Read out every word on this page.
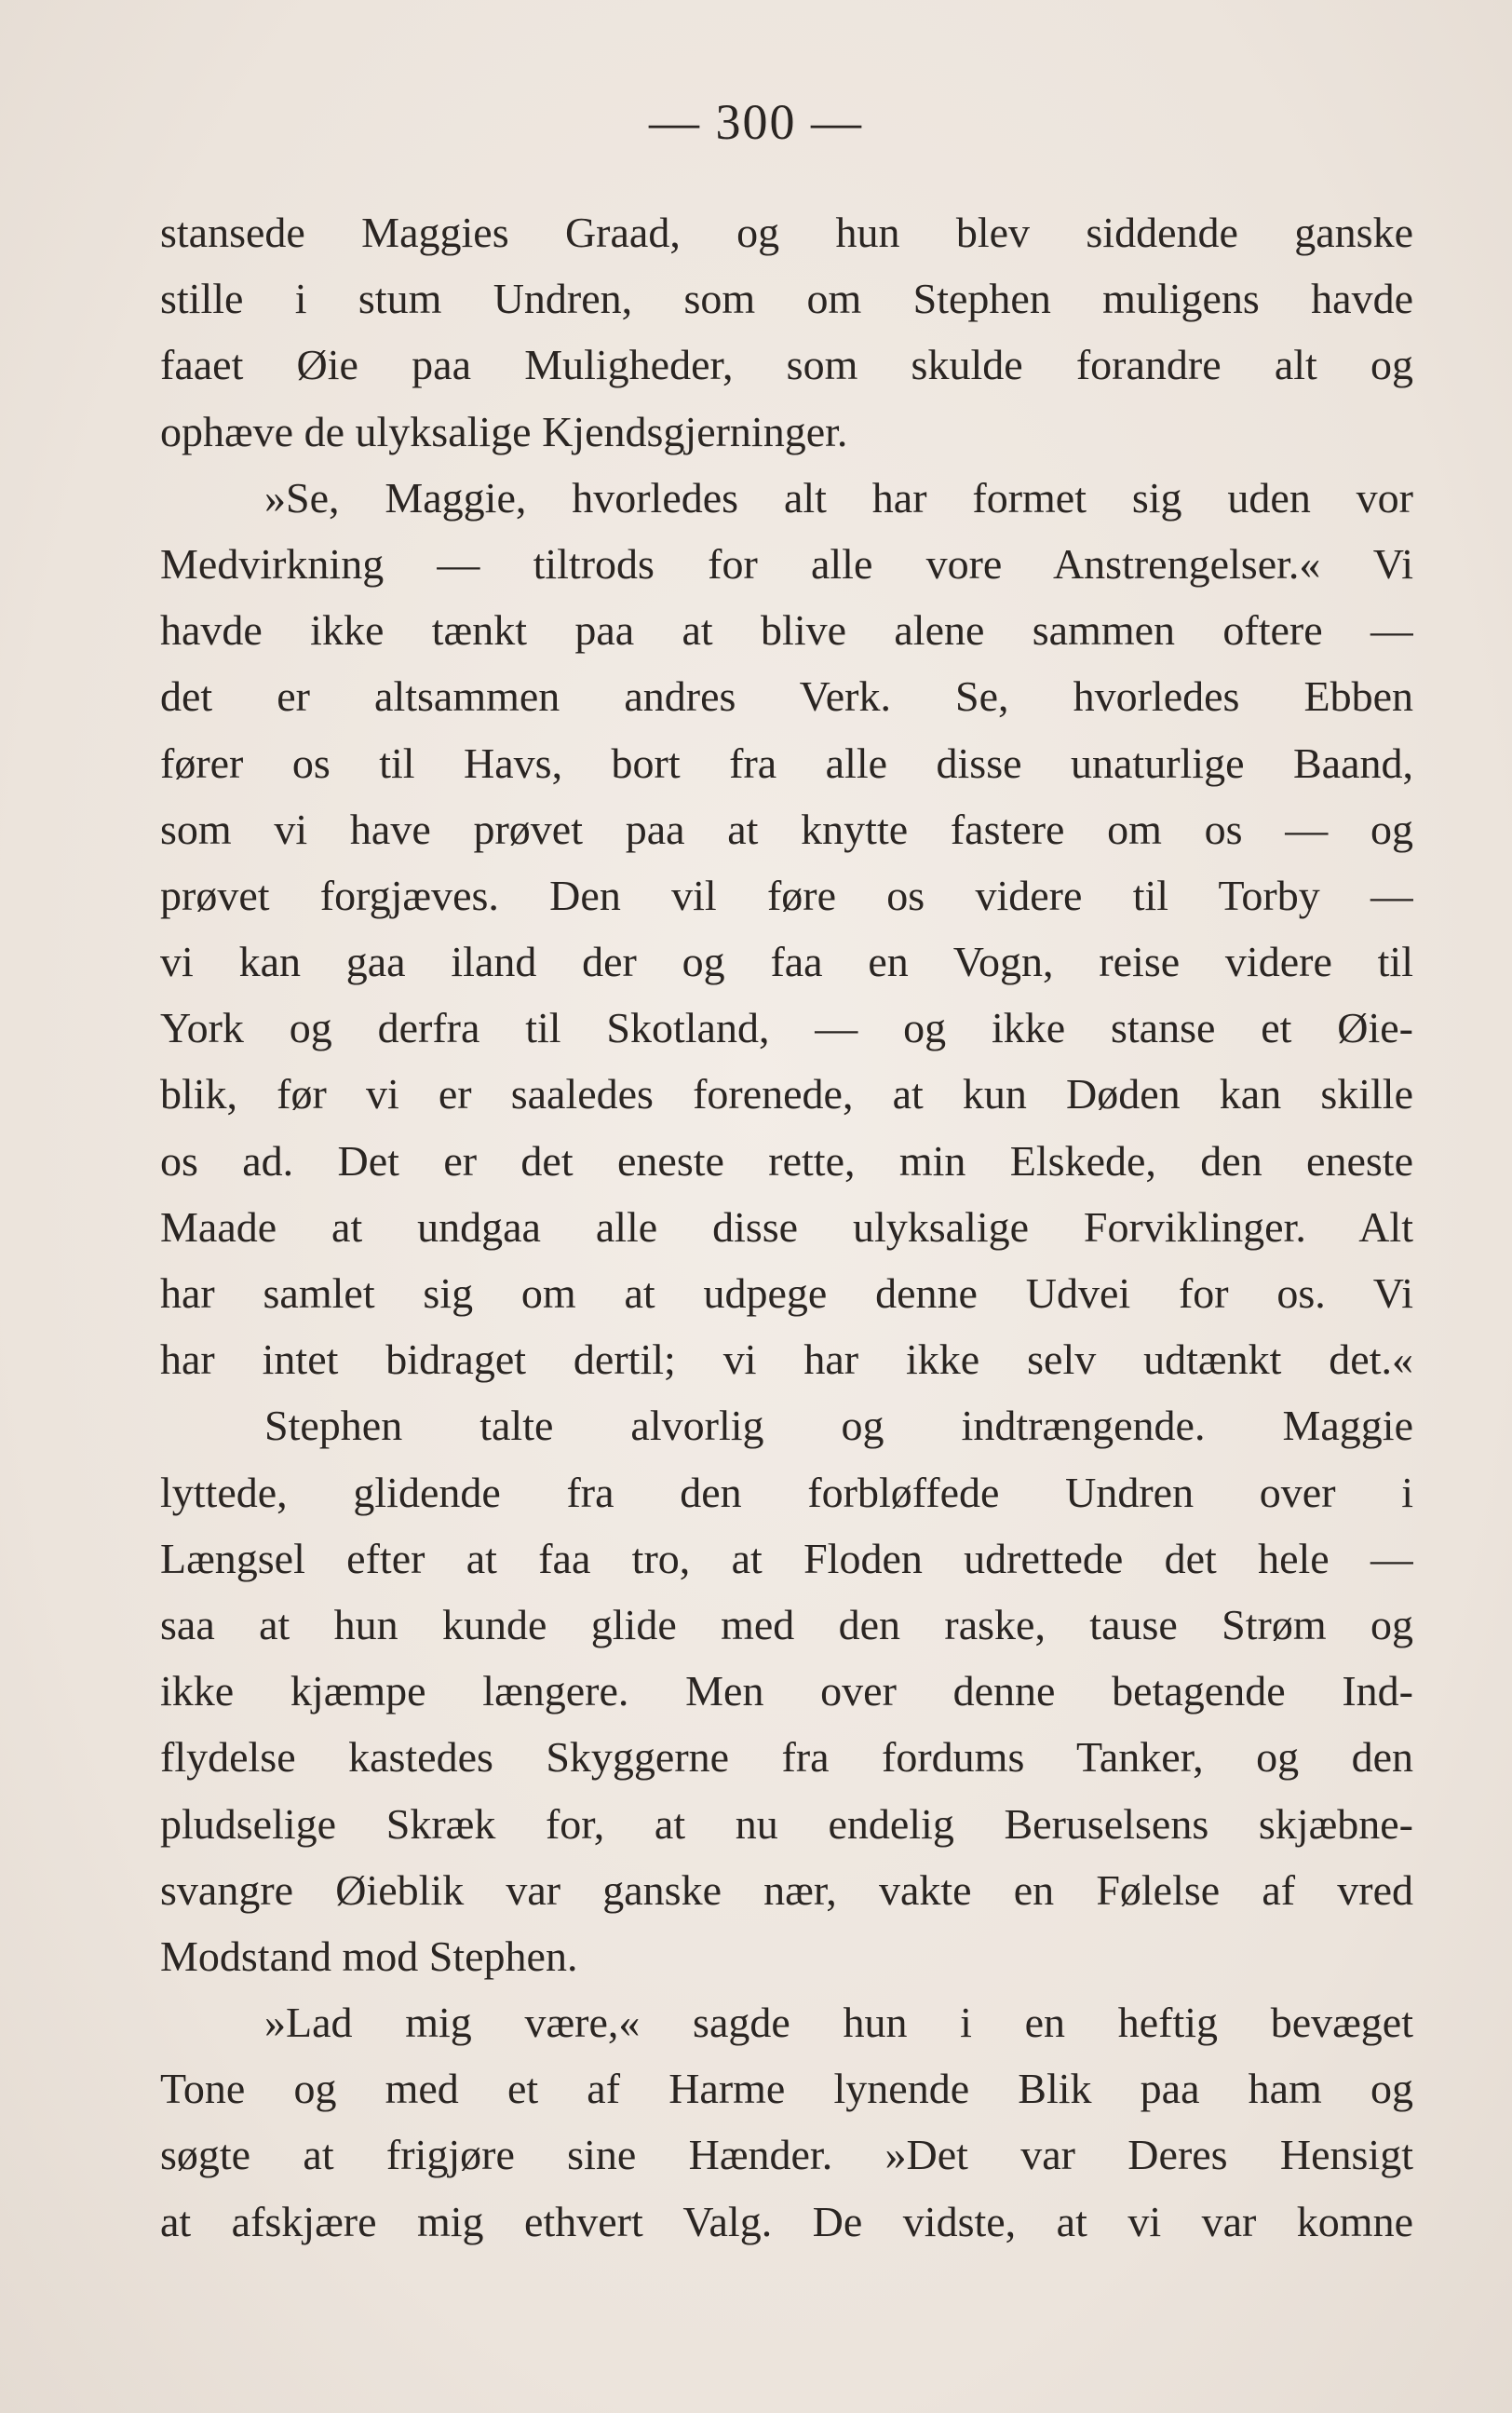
— 300 —
stansede Maggies Graad, og hun blev siddende ganske
stille i stum Undren, som om Stephen muligens havde
faaet Øie paa Muligheder, som skulde forandre alt og
ophæve de ulyksalige Kjendsgjerninger.
»Se, Maggie, hvorledes alt har formet sig uden vor
Medvirkning — tiltrods for alle vore Anstrengelser.« Vi
havde ikke tænkt paa at blive alene sammen oftere —
det er altsammen andres Verk. Se, hvorledes Ebben
fører os til Havs, bort fra alle disse unaturlige Baand,
som vi have prøvet paa at knytte fastere om os — og
prøvet forgjæves. Den vil føre os videre til Torby —
vi kan gaa iland der og faa en Vogn, reise videre til
York og derfra til Skotland, — og ikke stanse et Øie-
blik, før vi er saaledes forenede, at kun Døden kan skille
os ad. Det er det eneste rette, min Elskede, den eneste
Maade at undgaa alle disse ulyksalige Forviklinger. Alt
har samlet sig om at udpege denne Udvei for os. Vi
har intet bidraget dertil; vi har ikke selv udtænkt det.«
Stephen talte alvorlig og indtrængende. Maggie
lyttede, glidende fra den forbløffede Undren over i
Længsel efter at faa tro, at Floden udrettede det hele —
saa at hun kunde glide med den raske, tause Strøm og
ikke kjæmpe længere. Men over denne betagende Ind-
flydelse kastedes Skyggerne fra fordums Tanker, og den
pludselige Skræk for, at nu endelig Beruselsens skjæbne-
svangre Øieblik var ganske nær, vakte en Følelse af vred
Modstand mod Stephen.
»Lad mig være,« sagde hun i en heftig bevæget
Tone og med et af Harme lynende Blik paa ham og
søgte at frigjøre sine Hænder. »Det var Deres Hensigt
at afskjære mig ethvert Valg. De vidste, at vi var komne
